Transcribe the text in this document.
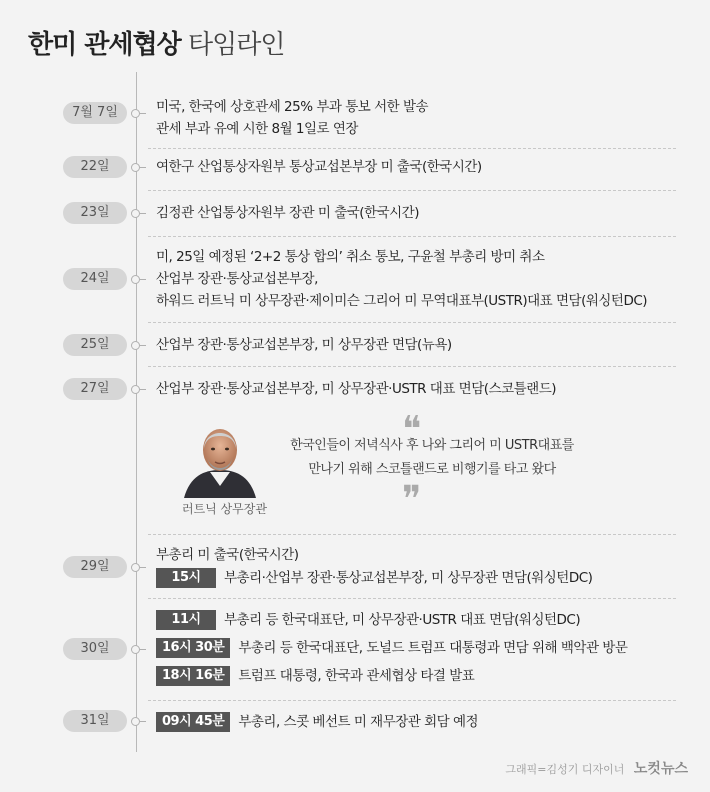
한미 관세협상 타임라인
7월 7일	미국, 한국에 상호관세 25% 부과 통보 서한 발송
관세 부과 유예 시한 8월 1일로 연장
22일	여한구 산업통상자원부 통상교섭본부장 미 출국(한국시간)
23일	김정관 산업통상자원부 장관 미 출국(한국시간)
24일
미, 25일 예정된 ‘2+2 통상 합의’ 취소 통보, 구윤철 부총리 방미 취소
산업부 장관·통상교섭본부장,
하워드 러트닉 미 상무장관·제이미슨 그리어 미 무역대표부(USTR)대표 면담(워싱턴DC)
25일	산업부 장관·통상교섭본부장, 미 상무장관 면담(뉴욕)
27일	산업부 장관·통상교섭본부장, 미 상무장관·USTR 대표 면담(스코틀랜드)
러트닉 상무장관
❝
한국인들이 저녁식사 후 나와 그리어 미 USTR대표를
만나기 위해 스코틀랜드로 비행기를 타고 왔다
❞
29일
부총리 미 출국(한국시간)
15시	부총리·산업부 장관·통상교섭본부장, 미 상무장관 면담(워싱턴DC)
30일
11시	부총리 등 한국대표단, 미 상무장관·USTR 대표 면담(워싱턴DC)
16시 30분	부총리 등 한국대표단, 도널드 트럼프 대통령과 면담 위해 백악관 방문
18시 16분	트럼프 대통령, 한국과 관세협상 타결 발표
31일	09시 45분	부총리, 스콧 베선트 미 재무장관 회담 예정
그래픽=김성기 디자이너 노컷뉴스
